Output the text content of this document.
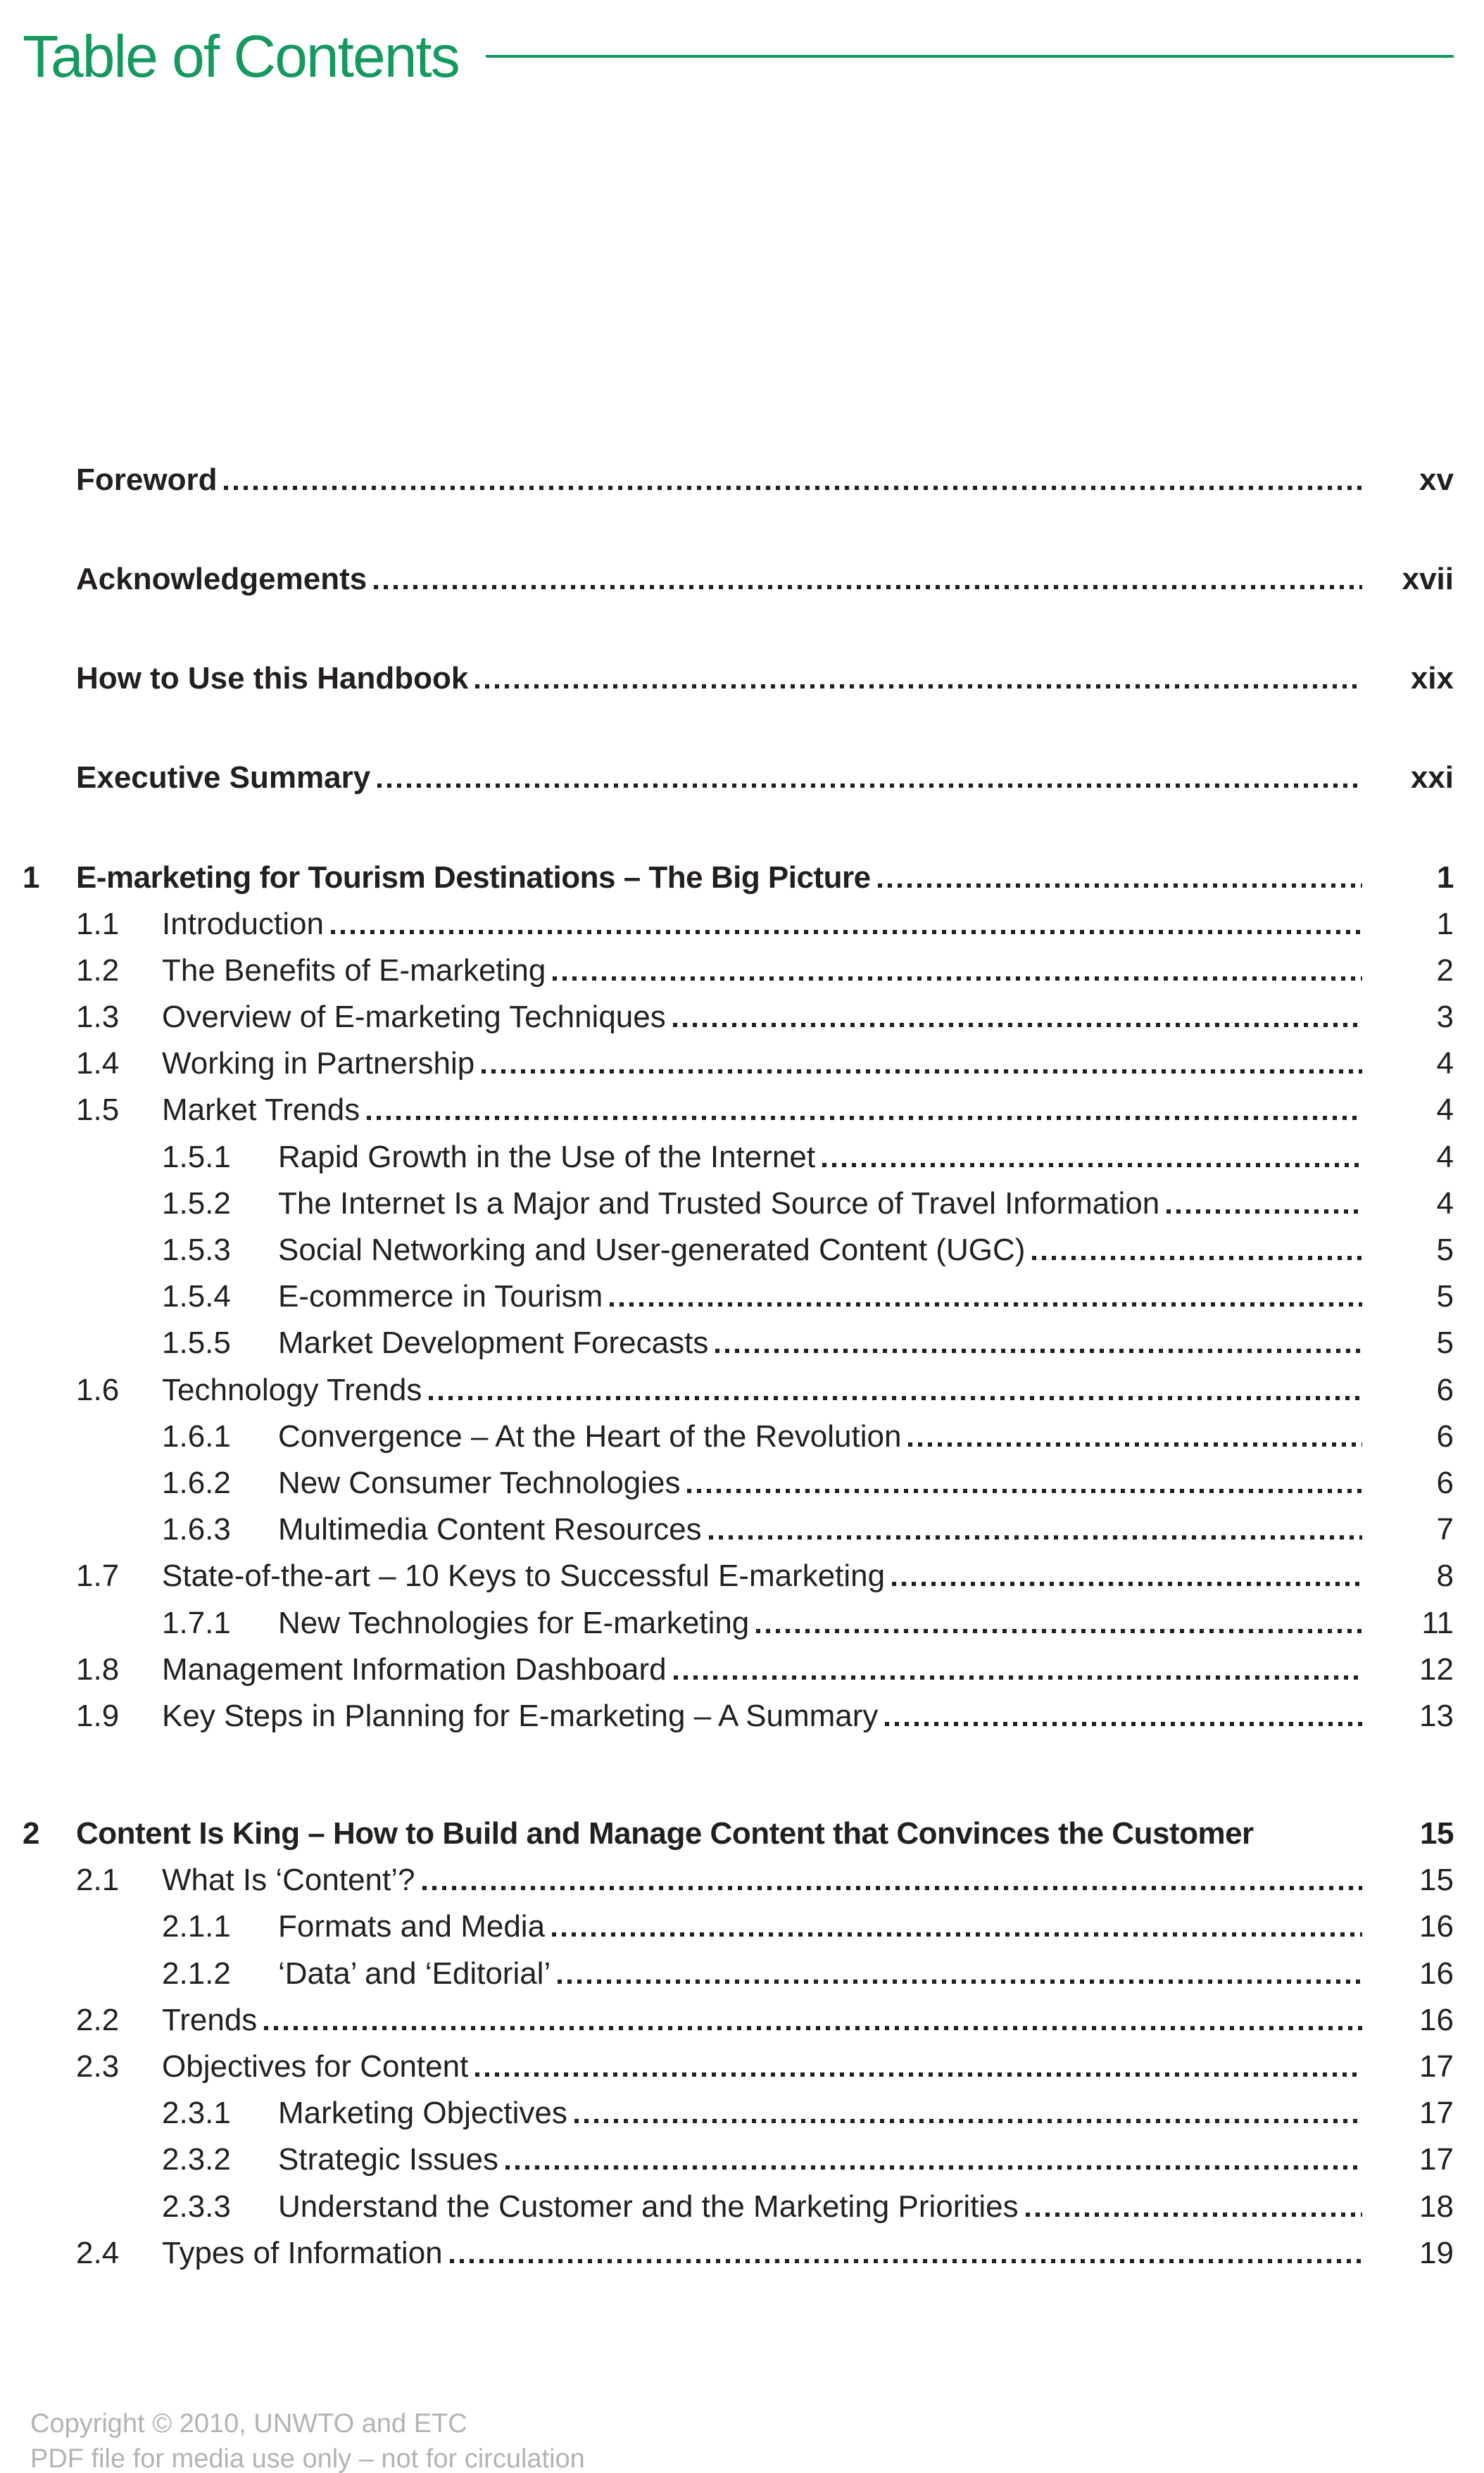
Table of Contents
Foreword	xv
Acknowledgements	xvii
How to Use this Handbook	xix
Executive Summary	xxi
1	E-marketing for Tourism Destinations – The Big Picture	1
1.1	Introduction	1
1.2	The Benefits of E-marketing	2
1.3	Overview of E-marketing Techniques	3
1.4	Working in Partnership	4
1.5	Market Trends	4
1.5.1	Rapid Growth in the Use of the Internet	4
1.5.2	The Internet Is a Major and Trusted Source of Travel Information	4
1.5.3	Social Networking and User-generated Content (UGC)	5
1.5.4	E-commerce in Tourism	5
1.5.5	Market Development Forecasts	5
1.6	Technology Trends	6
1.6.1	Convergence – At the Heart of the Revolution	6
1.6.2	New Consumer Technologies	6
1.6.3	Multimedia Content Resources	7
1.7	State-of-the-art – 10 Keys to Successful E-marketing	8
1.7.1	New Technologies for E-marketing	11
1.8	Management Information Dashboard	12
1.9	Key Steps in Planning for E-marketing – A Summary	13
2	Content Is King – How to Build and Manage Content that Convinces the Customer	15
2.1	What Is ‘Content’?	15
2.1.1	Formats and Media	16
2.1.2	‘Data’ and ‘Editorial’	16
2.2	Trends	16
2.3	Objectives for Content	17
2.3.1	Marketing Objectives	17
2.3.2	Strategic Issues	17
2.3.3	Understand the Customer and the Marketing Priorities	18
2.4	Types of Information	19
Copyright © 2010, UNWTO and ETC
PDF file for media use only – not for circulation
